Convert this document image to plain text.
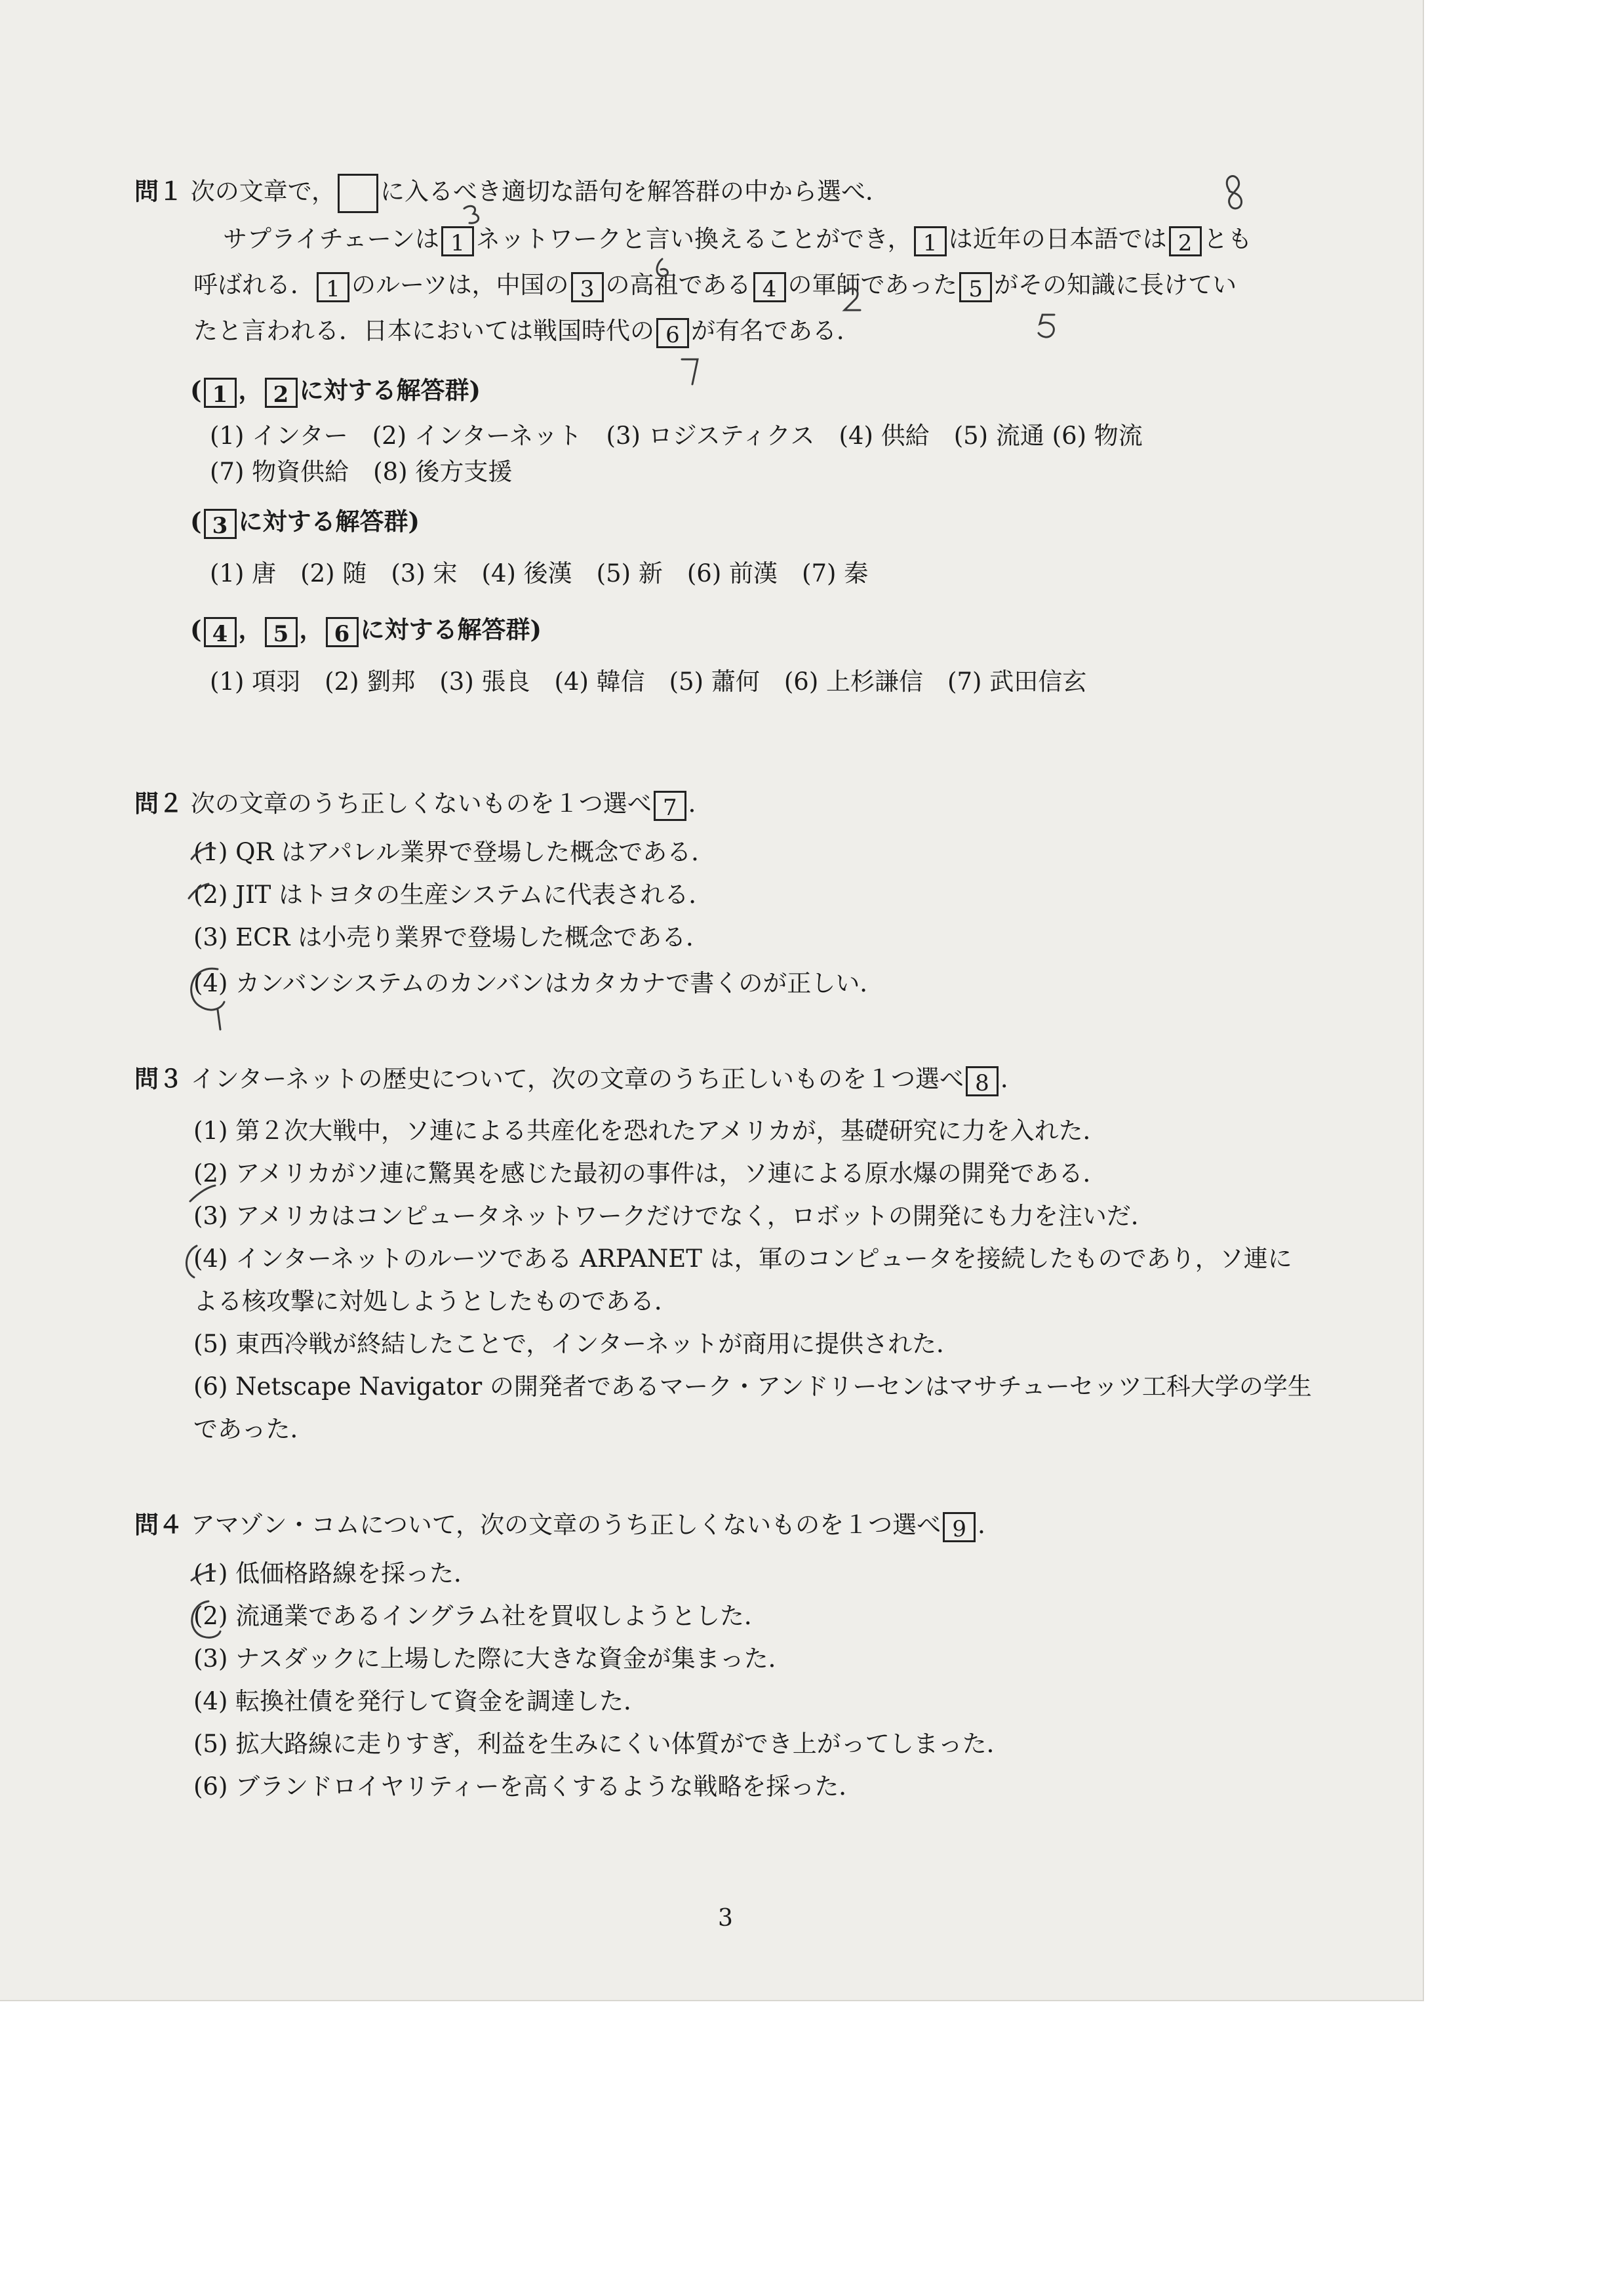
問１ 次の文章で， に入るべき適切な語句を解答群の中から選べ．
サプライチェーンは 1 ネットワークと言い換えることができ， 1 は近年の日本語では 2 とも
呼ばれる． 1 のルーツは，中国の 3 の高祖である 4 の軍師であった 5 がその知識に長けてい
たと言われる．日本においては戦国時代の 6 が有名である．
( 1 ， 2 に対する解答群)
(1) インター　(2) インターネット　(3) ロジスティクス　(4) 供給　(5) 流通 (6) 物流
(7) 物資供給　(8) 後方支援
( 3 に対する解答群)
(1) 唐　(2) 随　(3) 宋　(4) 後漢　(5) 新　(6) 前漢　(7) 秦
( 4 ， 5 ， 6 に対する解答群)
(1) 項羽　(2) 劉邦　(3) 張良　(4) 韓信　(5) 蕭何　(6) 上杉謙信　(7) 武田信玄
問２ 次の文章のうち正しくないものを１つ選べ 7 ．
(1) QR はアパレル業界で登場した概念である．
(2) JIT はトヨタの生産システムに代表される．
(3) ECR は小売り業界で登場した概念である．
(4) カンバンシステムのカンバンはカタカナで書くのが正しい．
問３ インターネットの歴史について，次の文章のうち正しいものを１つ選べ 8 ．
(1) 第２次大戦中，ソ連による共産化を恐れたアメリカが，基礎研究に力を入れた．
(2) アメリカがソ連に驚異を感じた最初の事件は，ソ連による原水爆の開発である．
(3) アメリカはコンピュータネットワークだけでなく，ロボットの開発にも力を注いだ．
(4) インターネットのルーツである ARPANET は，軍のコンピュータを接続したものであり，ソ連に
よる核攻撃に対処しようとしたものである．
(5) 東西冷戦が終結したことで，インターネットが商用に提供された．
(6) Netscape Navigator の開発者であるマーク・アンドリーセンはマサチューセッツ工科大学の学生
であった．
問４ アマゾン・コムについて，次の文章のうち正しくないものを１つ選べ 9 ．
(1) 低価格路線を採った．
(2) 流通業であるイングラム社を買収しようとした．
(3) ナスダックに上場した際に大きな資金が集まった．
(4) 転換社債を発行して資金を調達した．
(5) 拡大路線に走りすぎ，利益を生みにくい体質ができ上がってしまった．
(6) ブランドロイヤリティーを高くするような戦略を採った．
3
